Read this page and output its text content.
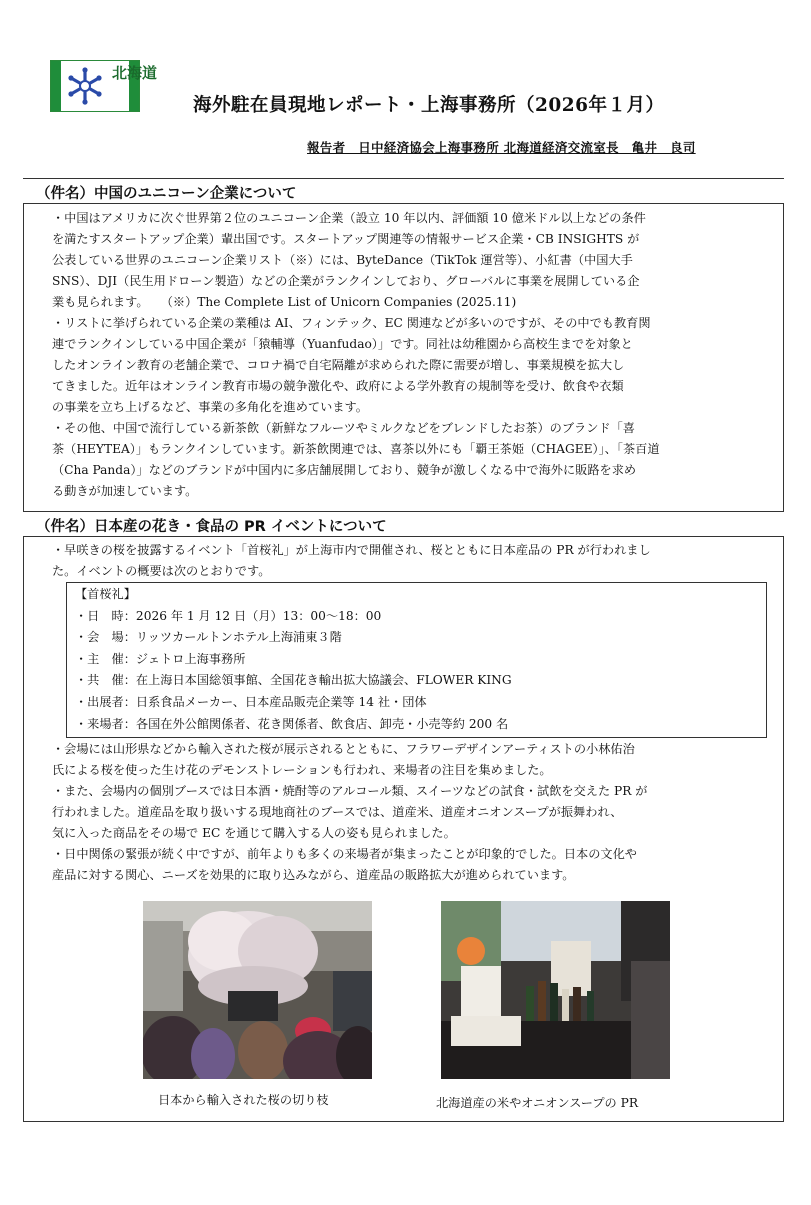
北海道
海外駐在員現地レポート・上海事務所（2026年１月）
報告者　日中経済協会上海事務所 北海道経済交流室長　亀井　良司
（件名）中国のユニコーン企業について
・中国はアメリカに次ぐ世界第２位のユニコーン企業（設立 10 年以内、評価額 10 億米ドル以上などの条件
を満たすスタートアップ企業）輩出国です。スタートアップ関連等の情報サービス企業・CB INSIGHTS が
公表している世界のユニコーン企業リスト（※）には、ByteDance（TikTok 運営等）、小紅書（中国大手
SNS）、DJI（民生用ドローン製造）などの企業がランクインしており、グローバルに事業を展開している企
業も見られます。　　（※）The Complete List of Unicorn Companies (2025.11)
・リストに挙げられている企業の業種は AI、フィンテック、EC 関連などが多いのですが、その中でも教育関
連でランクインしている中国企業が「猿輔導（Yuanfudao）」です。同社は幼稚園から高校生までを対象と
したオンライン教育の老舗企業で、コロナ禍で自宅隔離が求められた際に需要が増し、事業規模を拡大し
てきました。近年はオンライン教育市場の競争激化や、政府による学外教育の規制等を受け、飲食や衣類
の事業を立ち上げるなど、事業の多角化を進めています。
・その他、中国で流行している新茶飲（新鮮なフルーツやミルクなどをブレンドしたお茶）のブランド「喜
茶（HEYTEA）」もランクインしています。新茶飲関連では、喜茶以外にも「覇王茶姫（CHAGEE）」、「茶百道
（Cha Panda）」などのブランドが中国内に多店舗展開しており、競争が激しくなる中で海外に販路を求め
る動きが加速しています。
（件名）日本産の花き・食品の PR イベントについて
・早咲きの桜を披露するイベント「首桜礼」が上海市内で開催され、桜とともに日本産品の PR が行われまし
た。イベントの概要は次のとおりです。
【首桜礼】
・日　時：2026 年 1 月 12 日（月）13：00～18：00
・会　場：リッツカールトンホテル上海浦東３階
・主　催：ジェトロ上海事務所
・共　催：在上海日本国総領事館、全国花き輸出拡大協議会、FLOWER KING
・出展者：日系食品メーカー、日本産品販売企業等 14 社・団体
・来場者：各国在外公館関係者、花き関係者、飲食店、卸売・小売等約 200 名
・会場には山形県などから輸入された桜が展示されるとともに、フラワーデザインアーティストの小林佑治
氏による桜を使った生け花のデモンストレーションも行われ、来場者の注目を集めました。
・また、会場内の個別ブースでは日本酒・焼酎等のアルコール類、スイーツなどの試食・試飲を交えた PR が
行われました。道産品を取り扱いする現地商社のブースでは、道産米、道産オニオンスープが振舞われ、
気に入った商品をその場で EC を通じて購入する人の姿も見られました。
・日中関係の緊張が続く中ですが、前年よりも多くの来場者が集まったことが印象的でした。日本の文化や
産品に対する関心、ニーズを効果的に取り込みながら、道産品の販路拡大が進められています。
日本から輸入された桜の切り枝	北海道産の米やオニオンスープの PR
